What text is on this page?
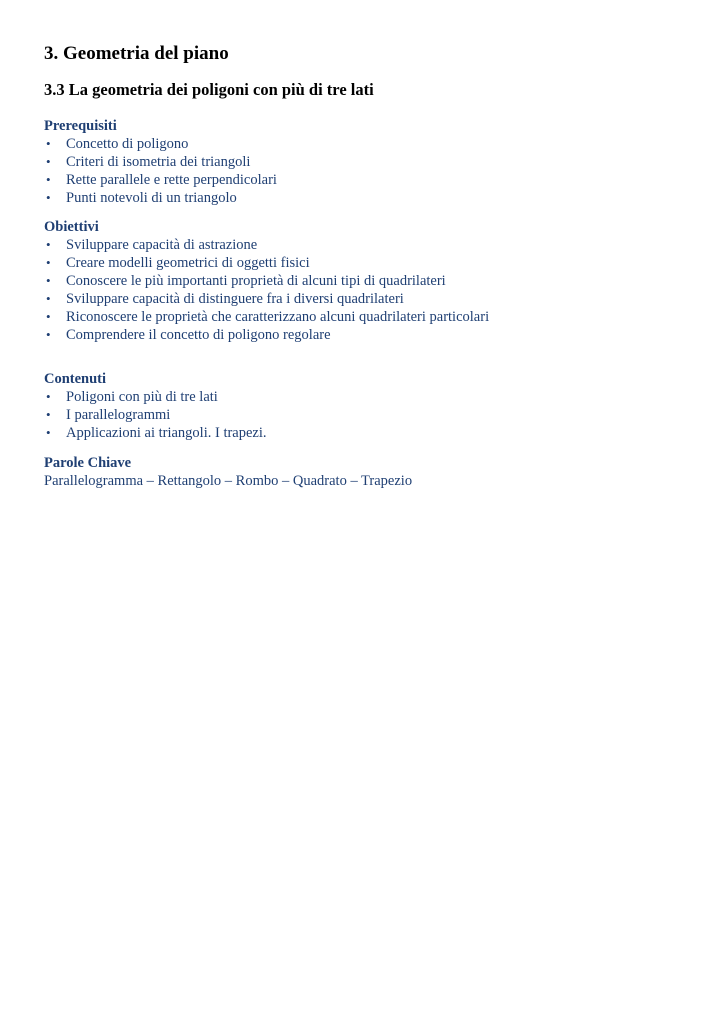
3. Geometria del piano
3.3 La geometria dei poligoni con più di tre lati
Prerequisiti
• Concetto di poligono
• Criteri di isometria dei triangoli
• Rette parallele e rette perpendicolari
• Punti notevoli di un triangolo
Obiettivi
• Sviluppare capacità di astrazione
• Creare modelli geometrici di oggetti fisici
• Conoscere le più importanti proprietà di alcuni tipi di quadrilateri
• Sviluppare capacità di distinguere fra i diversi quadrilateri
• Riconoscere le proprietà che caratterizzano alcuni quadrilateri particolari
• Comprendere il concetto di poligono regolare
Contenuti
• Poligoni con più di tre lati
• I parallelogrammi
• Applicazioni ai triangoli. I trapezi.
Parole Chiave

Parallelogramma – Rettangolo – Rombo – Quadrato – Trapezio
